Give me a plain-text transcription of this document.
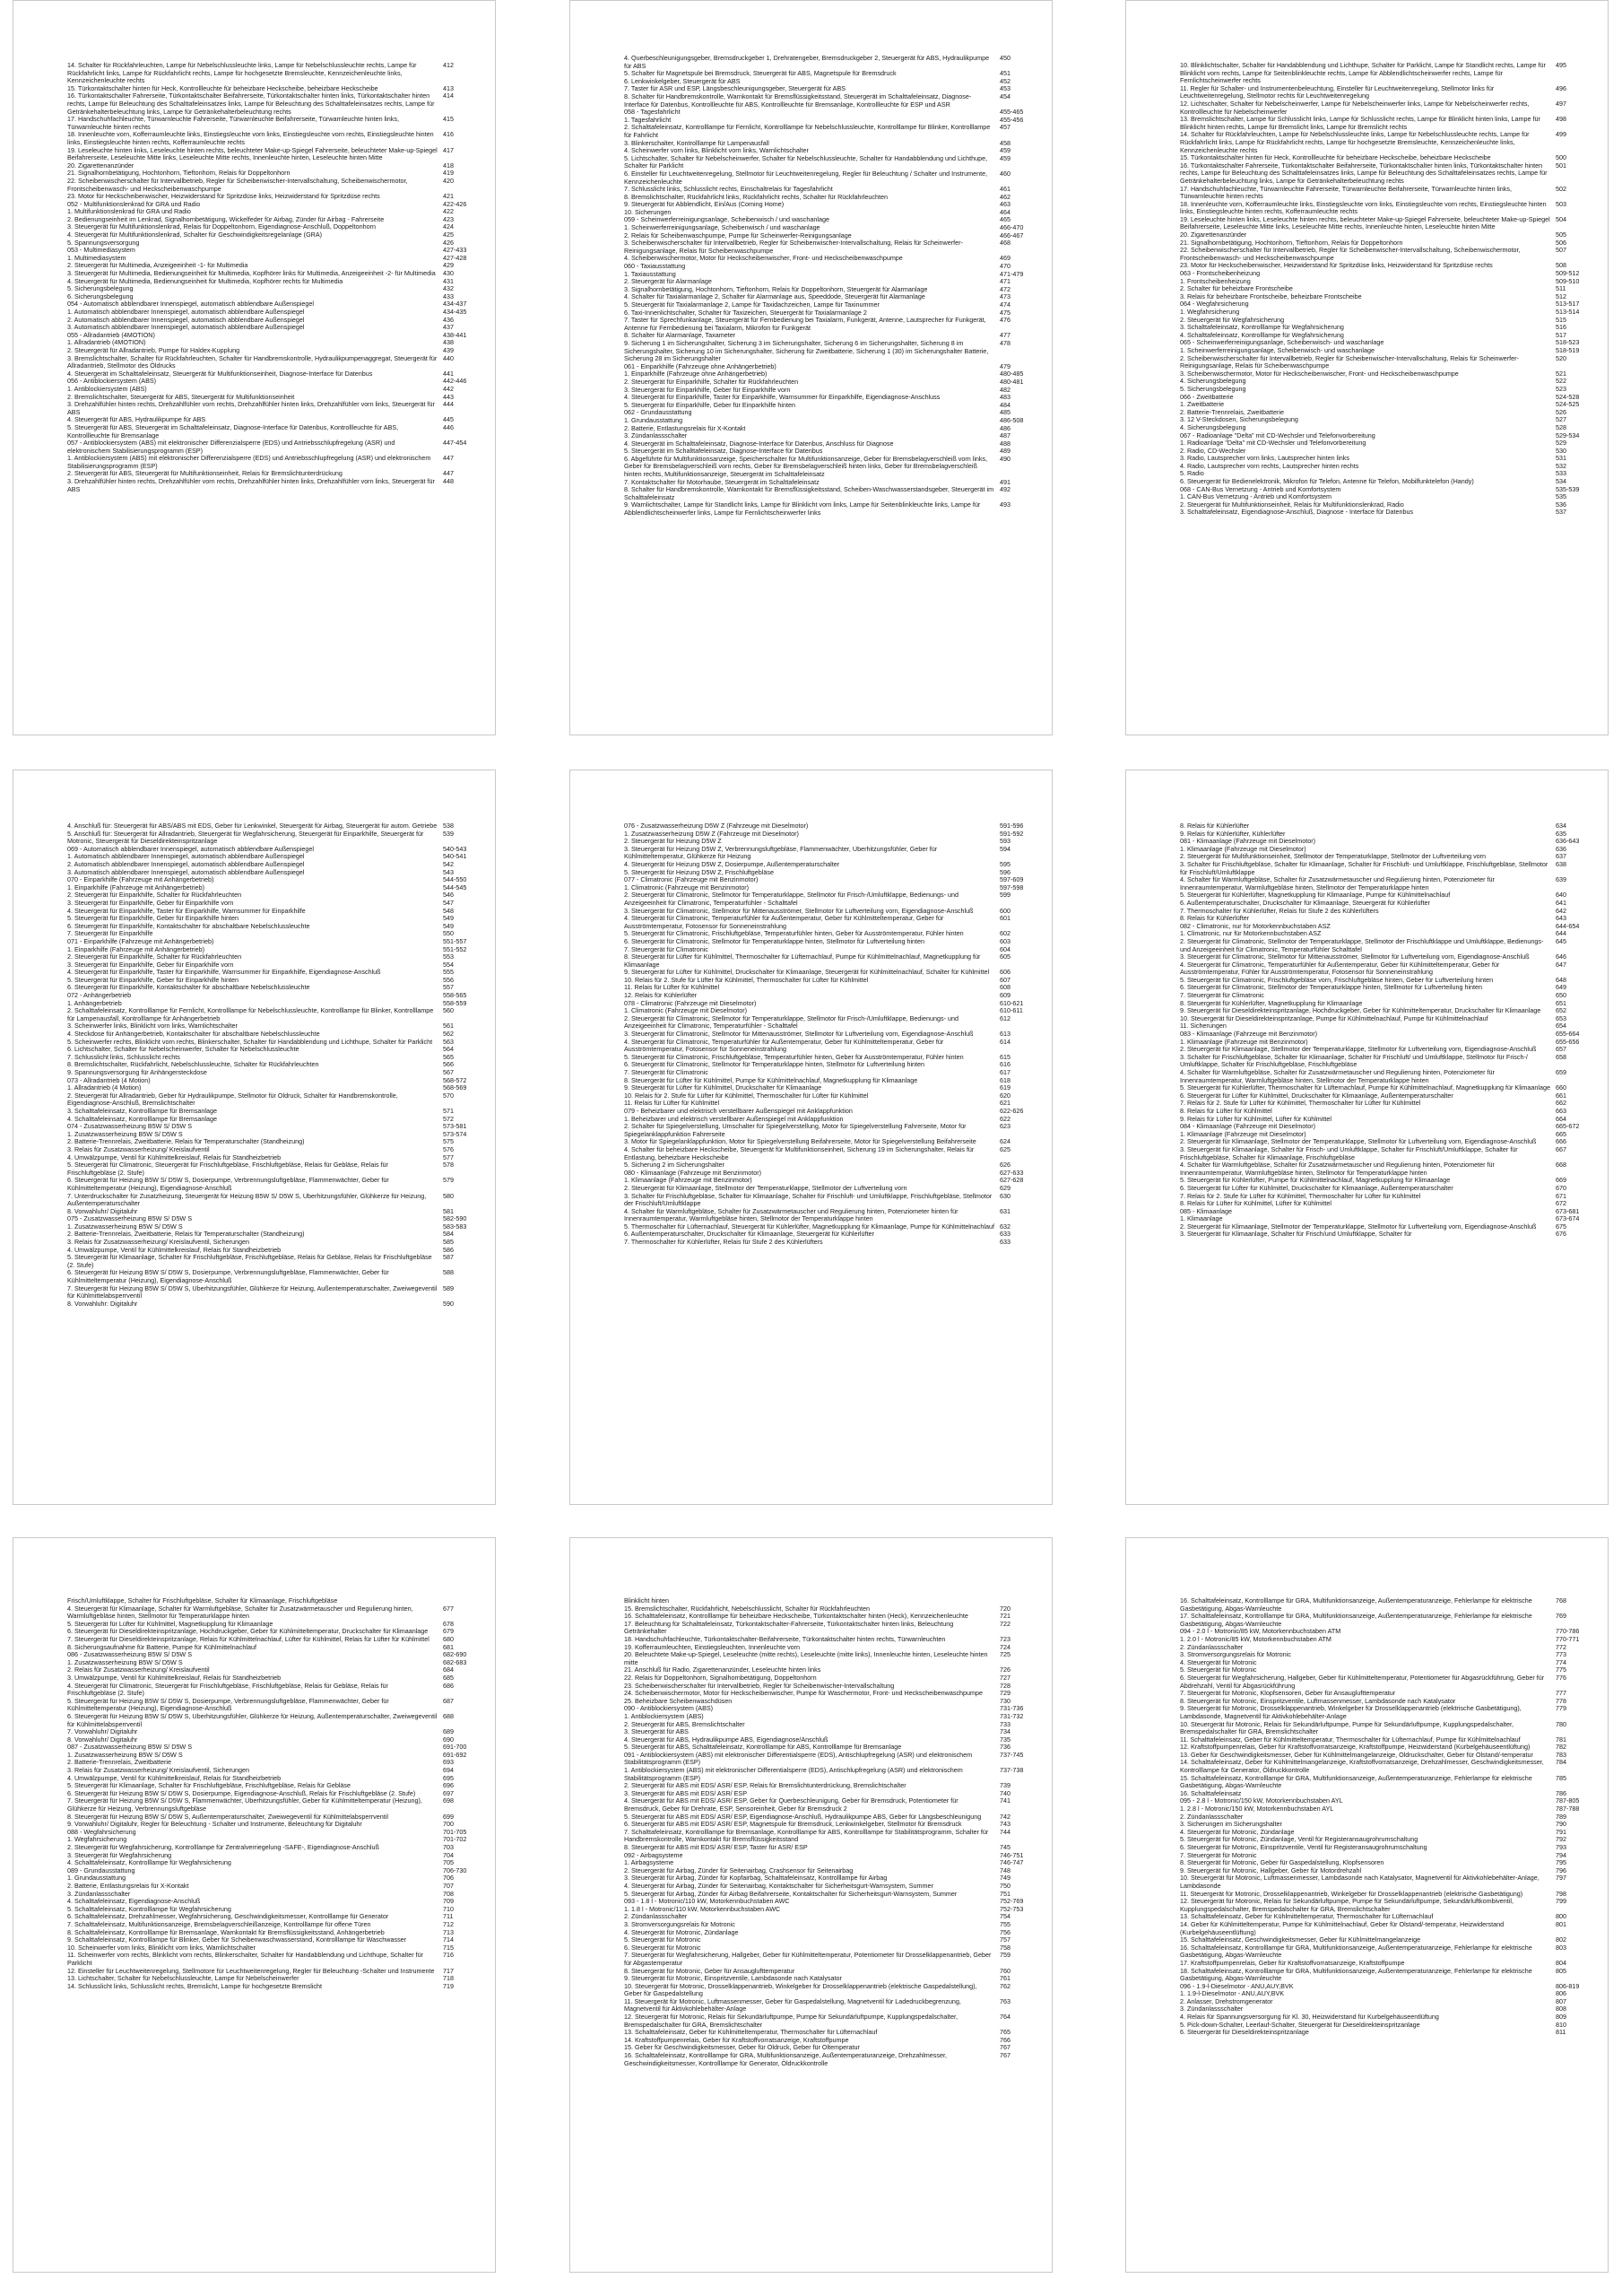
14. Schalter für Rückfahrleuchten, Lampe für Nebelschlussleuchte links, Lampe für Nebelschlussleuchte rechts, Lampe für Rückfahrlicht links, Lampe für Rückfahrlicht rechts, Lampe für hochgesetzte Bremsleuchte, Kennzeichenleuchte links, Kennzeichenleuchte rechts
412
15. Türkontaktschalter hinten für Heck, Kontrollleuchte für beheizbare Heckscheibe, beheizbare Heckscheibe	413
16. Türkontaktschalter Fahrerseite, Türkontaktschalter Beifahrerseite, Türkontaktschalter hinten links, Türkontaktschalter hinten rechts, Lampe für Beleuchtung des Schalttafeleinsatzes links, Lampe für Beleuchtung des Schalttafeleinsatzes rechts, Lampe für Getränkehalterbeleuchtung links, Lampe für Getränkehalterbeleuchtung rechts
414
17. Handschuhfachleuchte, Türwarnleuchte Fahrerseite, Türwarnleuchte Beifahrerseite, Türwarnleuchte hinten links, Türwarnleuchte hinten rechts
415
18. Innenleuchte vorn, Kofferraumleuchte links, Einstiegsleuchte vorn links, Einstiegsleuchte vorn rechts, Einstiegsleuchte hinten links, Einstiegsleuchte hinten rechts, Kofferraumleuchte rechts
416
19. Leseleuchte hinten links, Leseleuchte hinten rechts, beleuchteter Make-up-Spiegel Fahrerseite, beleuchteter Make-up-Spiegel Beifahrerseite, Leseleuchte Mitte links, Leseleuchte Mitte rechts, Innenleuchte hinten, Leseleuchte hinten Mitte
417
20. Zigarettenanzünder	418
21. Signalhornbetätigung, Hochtonhorn, Tieftonhorn, Relais für Doppeltonhorn	419
22. Scheibenwischerschalter für Intervallbetrieb, Regler für Scheibenwischer-Intervallschaltung, Scheibenwischermotor, Frontscheibenwasch- und Heckscheibenwaschpumpe
420
23. Motor für Heckscheibenwischer, Heizwiderstand für Spritzdüse links, Heizwiderstand für Spritzdüse rechts	421
052 - Multifunktionslenkrad für GRA und Radio	422-426
1. Multifunktionslenkrad für GRA und Radio	422
2. Bedienungseinheit im Lenkrad, Signalhornbetätigung, Wickelfeder für Airbag, Zünder für Airbag - Fahrerseite	423
3. Steuergerät für Multifunktionslenkrad, Relais für Doppeltonhorn, Eigendiagnose-Anschluß, Doppeltonhorn	424
4. Steuergerät für Multifunktionslenkrad, Schalter für Geschwindigkeitsregelanlage (GRA)	425
5. Spannungsversorgung	426
053 - Multimediasystem	427-433
1. Multimediasystem	427-428
2. Steuergerät für Multimedia, Anzeigeeinheit -1- für Multimedia	429
3. Steuergerät für Multimedia, Bedienungseinheit für Multimedia, Kopfhörer links für Multimedia, Anzeigeeinheit -2- für Multimedia	430
4. Steuergerät für Multimedia, Bedienungseinheit für Multimedia, Kopfhörer rechts für Multimedia	431
5. Sicherungsbelegung	432
6. Sicherungsbelegung	433
054 - Automatisch abblendbarer Innenspiegel, automatisch abblendbare Außenspiegel	434-437
1. Automatisch abblendbarer Innenspiegel, automatisch abblendbare Außenspiegel	434-435
2. Automatisch abblendbarer Innenspiegel, automatisch abblendbare Außenspiegel	436
3. Automatisch abblendbarer Innenspiegel, automatisch abblendbare Außenspiegel	437
055 - Allradantrieb (4MOTION)	438-441
1. Allradantrieb (4MOTION)	438
2. Steuergerät für Allradantrieb, Pumpe für Haldex-Kupplung	439
3. Bremslichtschalter, Schalter für Rückfahrleuchten, Schalter für Handbremskontrolle, Hydraulikpumpenaggregat, Steuergerät für Allradantrieb, Stellmotor des Öldrucks
440
4. Steuergerät im Schalttafeleinsatz, Steuergerät für Multifunktionseinheit, Diagnose-Interface für Datenbus	441
056 - Antiblockiersystem (ABS)	442-446
1. Antiblockiersystem (ABS)	442
2. Bremslichtschalter, Steuergerät für ABS, Steuergerät für Multifunktionseinheit	443
3. Drehzahlfühler hinten rechts, Drehzahlfühler vorn rechts, Drehzahlfühler hinten links, Drehzahlfühler vorn links, Steuergerät für ABS
444
4. Steuergerät für ABS, Hydraulikpumpe für ABS	445
5. Steuergerät für ABS, Steuergerät im Schalttafeleinsatz, Diagnose-Interface für Datenbus, Kontrollleuchte für ABS, Kontrollleuchte für Bremsanlage
446
057 - Antiblockiersystem (ABS) mit elektronischer Differenzialsperre (EDS) und Antriebsschlupfregelung (ASR) und elektronischem Stabilisierungsprogramm (ESP)
447-454
1. Antiblockiersystem (ABS) mit elektronischer Differenzialsperre (EDS) und Antriebsschlupfregelung (ASR) und elektronischem Stabilisierungsprogramm (ESP)
447
2. Steuergerät für ABS, Steuergerät für Multifunktionseinheit, Relais für Bremslichtunterdrückung	447
3. Drehzahlfühler hinten rechts, Drehzahlfühler vorn rechts, Drehzahlfühler hinten links, Drehzahlfühler vorn links, Steuergerät für ABS
448
4. Querbeschleunigungsgeber, Bremsdruckgeber 1, Drehratengeber, Bremsdruckgeber 2, Steuergerät für ABS, Hydraulikpumpe für ABS
450
5. Schalter für Magnetspule bei Bremsdruck, Steuergerät für ABS, Magnetspule für Bremsdruck	451
6. Lenkwinkelgeber, Steuergerät für ABS	452
7. Taster für ASR und ESP, Längsbeschleunigungsgeber, Steuergerät für ABS	453
8. Schalter für Handbremskontrolle, Warnkontakt für Bremsflüssigkeitsstand, Steuergerät im Schalttafeleinsatz, Diagnose-Interface für Datenbus, Kontrollleuchte für ABS, Kontrollleuchte für Bremsanlage, Kontrollleuchte für ESP und ASR
454
058 - Tagesfahrlicht	455-465
1. Tagesfahrlicht	455-456
2. Schalttafeleinsatz, Kontrolllampe für Fernlicht, Kontrolllampe für Nebelschlussleuchte, Kontrolllampe für Blinker, Kontrolllampe für Fahrlicht
457
3. Blinkerschalter, Kontrolllampe für Lampenausfall	458
4. Scheinwerfer vorn links, Blinklicht vorn links, Warnlichtschalter	459
5. Lichtschalter, Schalter für Nebelscheinwerfer, Schalter für Nebelschlussleuchte, Schalter für Handabblendung und Lichthupe, Schalter für Parklicht
459
6. Einsteller für Leuchtweitenregelung, Stellmotor für Leuchtweitenregelung, Regler für Beleuchtung / Schalter und Instrumente, Kennzeichenleuchte
460
7. Schlusslicht links, Schlusslicht rechts, Einschaltrelais für Tagesfahrlicht	461
8. Bremslichtschalter, Rückfahrlicht links, Rückfahrlicht rechts, Schalter für Rückfahrleuchten	462
9. Steuergerät für Abblendlicht, Ein/Aus (Coming Home)	463
10. Sicherungen	464
059 - Scheinwerferreinigungsanlage, Scheibenwisch / und waschanlage	465
1. Scheinwerferreinigungsanlage, Scheibenwisch / und waschanlage	466-470
2. Relais für Scheibenwaschpumpe, Pumpe für Scheinwerfer-Reinigungsanlage	466-467
3. Scheibenwischerschalter für Intervallbetrieb, Regler für Scheibenwischer-Intervallschaltung, Relais für Scheinwerfer-Reinigungsanlage, Relais für Scheibenwaschpumpe
468
4. Scheibenwischermotor, Motor für Heckscheibenwischer, Front- und Heckscheibenwaschpumpe	469
060 - Taxiausstattung	470
1. Taxiausstattung	471-479
2. Steuergerät für Alarmanlage	471
3. Signalhornbetätigung, Hochtonhorn, Tieftonhorn, Relais für Doppeltonhorn, Steuergerät für Alarmanlage	472
4. Schalter für Taxialarmanlage 2, Schalter für Alarmanlage aus, Speeddode, Steuergerät für Alarmanlage	473
5. Steuergerät für Taxialarmanlage 2, Lampe für Taxidachzeichen, Lampe für Taxinummer	474
6. Taxi-Innenlichtschalter, Schalter für Taxizeichen, Steuergerät für Taxialarmanlage 2	475
7. Taster für Sprechfunkanlage, Steuergerät für Fernbedienung bei Taxialarm, Funkgerät, Antenne, Lautsprecher für Funkgerät, Antenne für Fernbedienung bei Taxialarm, Mikrofon für Funkgerät
476
8. Schalter für Alarmanlage, Taxameter	477
9. Sicherung 1 im Sicherungshalter, Sicherung 3 im Sicherungshalter, Sicherung 6 im Sicherungshalter, Sicherung 8 im Sicherungshalter, Sicherung 10 im Sicherungshalter, Sicherung für Zweitbatterie, Sicherung 1 (30) im Sicherungshalter Batterie, Sicherung 28 im Sicherungshalter
478
061 - Einparkhilfe (Fahrzeuge ohne Anhängerbetrieb)	479
1. Einparkhilfe (Fahrzeuge ohne Anhängerbetrieb)	480-485
2. Steuergerät für Einparkhilfe, Schalter für Rückfahrleuchten	480-481
3. Steuergerät für Einparkhilfe, Geber für Einparkhilfe vorn	482
4. Steuergerät für Einparkhilfe, Taster für Einparkhilfe, Warnsummer für Einparkhilfe, Eigendiagnose-Anschluss	483
5. Steuergerät für Einparkhilfe, Geber für Einparkhilfe hinten	484
062 - Grundausstattung	485
1. Grundausstattung	486-508
2. Batterie, Entlastungsrelais für X-Kontakt	486
3. Zündanlassschalter	487
4. Steuergerät im Schalttafeleinsatz, Diagnose-Interface für Datenbus, Anschluss für Diagnose	488
5. Steuergerät im Schalttafeleinsatz, Diagnose-Interface für Datenbus	489
6. Abgeführte für Multifunktionsanzeige, Speicherschalter für Multifunktionsanzeige, Geber für Bremsbelagverschleiß vorn links, Geber für Bremsbelagverschleiß vorn rechts, Geber für Bremsbelagverschleiß hinten links, Geber für Bremsbelagverschleiß hinten rechts, Multifunktionsanzeige, Steuergerät im Schalttafeleinsatz
490
7. Kontaktschalter für Motorhaube, Steuergerät im Schalttafeleinsatz	491
8. Schalter für Handbremskontrolle, Warnkontakt für Bremsflüssigkeitsstand, Scheiben-Waschwasserstandsgeber, Steuergerät im Schalttafeleinsatz
492
9. Warnlichtschalter, Lampe für Standlicht links, Lampe für Blinklicht vorn links, Lampe für Seitenblinkleuchte links, Lampe für Abblendlichtscheinwerfer links, Lampe für Fernlichtscheinwerfer links
493
10. Blinklichtschalter, Schalter für Handabblendung und Lichthupe, Schalter für Parklicht, Lampe für Standlicht rechts, Lampe für Blinklicht vorn rechts, Lampe für Seitenblinkleuchte rechts, Lampe für Abblendlichtscheinwerfer rechts, Lampe für Fernlichtscheinwerfer rechts
495
11. Regler für Schalter- und Instrumentenbeleuchtung, Einsteller für Leuchtweitenregelung, Stellmotor links für Leuchtweitenregelung, Stellmotor rechts für Leuchtweitenregelung
496
12. Lichtschalter, Schalter für Nebelscheinwerfer, Lampe für Nebelscheinwerfer links, Lampe für Nebelscheinwerfer rechts, Kontrollleuchte für Nebelscheinwerfer
497
13. Bremslichtschalter, Lampe für Schlusslicht links, Lampe für Schlusslicht rechts, Lampe für Blinklicht hinten links, Lampe für Blinklicht hinten rechts, Lampe für Bremslicht links, Lampe für Bremslicht rechts
498
14. Schalter für Rückfahrleuchten, Lampe für Nebelschlussleuchte links, Lampe für Nebelschlussleuchte rechts, Lampe für Rückfahrlicht links, Lampe für Rückfahrlicht rechts, Lampe für hochgesetzte Bremsleuchte, Kennzeichenleuchte links, Kennzeichenleuchte rechts
499
15. Türkontaktschalter hinten für Heck, Kontrollleuchte für beheizbare Heckscheibe, beheizbare Heckscheibe	500
16. Türkontaktschalter Fahrerseite, Türkontaktschalter Beifahrerseite, Türkontaktschalter hinten links, Türkontaktschalter hinten rechts, Lampe für Beleuchtung des Schalttafeleinsatzes links, Lampe für Beleuchtung des Schalttafeleinsatzes rechts, Lampe für Getränkehalterbeleuchtung links, Lampe für Getränkehalterbeleuchtung rechts
501
17. Handschuhfachleuchte, Türwarnleuchte Fahrerseite, Türwarnleuchte Beifahrerseite, Türwarnleuchte hinten links, Türwarnleuchte hinten rechts
502
18. Innenleuchte vorn, Kofferraumleuchte links, Einstiegsleuchte vorn links, Einstiegsleuchte vorn rechts, Einstiegsleuchte hinten links, Einstiegsleuchte hinten rechts, Kofferraumleuchte rechts
503
19. Leseleuchte hinten links, Leseleuchte hinten rechts, beleuchteter Make-up-Spiegel Fahrerseite, beleuchteter Make-up-Spiegel Beifahrerseite, Leseleuchte Mitte links, Leseleuchte Mitte rechts, Innenleuchte hinten, Leseleuchte hinten Mitte
504
20. Zigarettenanzünder	505
21. Signalhornbetätigung, Hochtonhorn, Tieftonhorn, Relais für Doppeltonhorn	506
22. Scheibenwischerschalter für Intervallbetrieb, Regler für Scheibenwischer-Intervallschaltung, Scheibenwischermotor, Frontscheibenwasch- und Heckscheibenwaschpumpe
507
23. Motor für Heckscheibenwischer, Heizwiderstand für Spritzdüse links, Heizwiderstand für Spritzdüse rechts	508
063 - Frontscheibenheizung	509-512
1. Frontscheibenheizung	509-510
2. Schalter für beheizbare Frontscheibe	511
3. Relais für beheizbare Frontscheibe, beheizbare Frontscheibe	512
064 - Wegfahrsicherung	513-517
1. Wegfahrsicherung	513-514
2. Steuergerät für Wegfahrsicherung	515
3. Schalttafeleinsatz, Kontrolllampe für Wegfahrsicherung	516
4. Schalttafeleinsatz, Kontrolllampe für Wegfahrsicherung	517
065 - Scheinwerferreinigungsanlage, Scheibenwisch- und waschanlage	518-523
1. Scheinwerferreinigungsanlage, Scheibenwisch- und waschanlage	518-519
2. Scheibenwischerschalter für Intervallbetrieb, Regler für Scheibenwischer-Intervallschaltung, Relais für Scheinwerfer-Reinigungsanlage, Relais für Scheibenwaschpumpe
520
3. Scheibenwischermotor, Motor für Heckscheibenwischer, Front- und Heckscheibenwaschpumpe	521
4. Sicherungsbelegung	522
5. Sicherungsbelegung	523
066 - Zweitbatterie	524-528
1. Zweitbatterie	524-525
2. Batterie-Trennrelais, Zweitbatterie	526
3. 12 V-Steckdosen, Sicherungsbelegung	527
4. Sicherungsbelegung	528
067 - Radioanlage "Delta" mit CD-Wechsler und Telefonvorbereitung	529-534
1. Radioanlage "Delta" mit CD-Wechsler und Telefonvorbereitung	529
2. Radio, CD-Wechsler	530
3. Radio, Lautsprecher vorn links, Lautsprecher hinten links	531
4. Radio, Lautsprecher vorn rechts, Lautsprecher hinten rechts	532
5. Radio	533
6. Steuergerät für Bedienelektronik, Mikrofon für Telefon, Antenne für Telefon, Mobilfunktelefon (Handy)	534
068 - CAN-Bus Vernetzung - Antrieb und Komfortsystem	535-539
1. CAN-Bus Vernetzung - Antrieb und Komfortsystem	535
2. Steuergerät für Multifunktionseinheit, Relais für Multifunktionslenkrad, Radio	536
3. Schalttafeleinsatz, Eigendiagnose-Anschluß, Diagnose - Interface für Datenbus	537
4. Anschluß für: Steuergerät für ABS/ABS mit EDS, Geber für Lenkwinkel, Steuergerät für Airbag, Steuergerät für autom. Getriebe 538
5. Anschluß für: Steuergerät für Allradantrieb, Steuergerät für Wegfahrsicherung, Steuergerät für Einparkhilfe, Steuergerät für Motronic, Steuergerät für Dieseldirekteinspritzanlage
539
069 - Automatisch abblendbarer Innenspiegel, automatisch abblendbare Außenspiegel	540-543
1. Automatisch abblendbarer Innenspiegel, automatisch abblendbare Außenspiegel	540-541
2. Automatisch abblendbarer Innenspiegel, automatisch abblendbare Außenspiegel	542
3. Automatisch abblendbarer Innenspiegel, automatisch abblendbare Außenspiegel	543
070 - Einparkhilfe (Fahrzeuge mit Anhängerbetrieb)	544-550
1. Einparkhilfe (Fahrzeuge mit Anhängerbetrieb)	544-545
2. Steuergerät für Einparkhilfe, Schalter für Rückfahrleuchten	546
3. Steuergerät für Einparkhilfe, Geber für Einparkhilfe vorn	547
4. Steuergerät für Einparkhilfe, Taster für Einparkhilfe, Warnsummer für Einparkhilfe	548
5. Steuergerät für Einparkhilfe, Geber für Einparkhilfe hinten	549
6. Steuergerät für Einparkhilfe, Kontaktschalter für abschaltbare Nebelschlussleuchte	549
7. Steuergerät für Einparkhilfe	550
071 - Einparkhilfe (Fahrzeuge mit Anhängerbetrieb)	551-557
1. Einparkhilfe (Fahrzeuge mit Anhängerbetrieb)	551-552
2. Steuergerät für Einparkhilfe, Schalter für Rückfahrleuchten	553
3. Steuergerät für Einparkhilfe, Geber für Einparkhilfe vorn	554
4. Steuergerät für Einparkhilfe, Taster für Einparkhilfe, Warnsummer für Einparkhilfe, Eigendiagnose-Anschluß	555
5. Steuergerät für Einparkhilfe, Geber für Einparkhilfe hinten	556
6. Steuergerät für Einparkhilfe, Kontaktschalter für abschaltbare Nebelschlussleuchte	557
072 - Anhängerbetrieb	558-565
1. Anhängerbetrieb	558-559
2. Schalttafeleinsatz, Kontrolllampe für Fernlicht, Kontrolllampe für Nebelschlussleuchte, Kontrolllampe für Blinker, Kontrolllampe für Lampenausfall, Kontrolllampe für Anhängerbetrieb
560
3. Scheinwerfer links, Blinklicht vorn links, Warnlichtschalter	561
4. Steckdose für Anhängerbetrieb, Kontaktschalter für abschaltbare Nebelschlussleuchte	562
5. Scheinwerfer rechts, Blinklicht vorn rechts, Blinkerschalter, Schalter für Handabblendung und Lichthupe, Schalter für Parklicht	563
6. Lichtschalter, Schalter für Nebelscheinwerfer, Schalter für Nebelschlussleuchte	564
7. Schlusslicht links, Schlusslicht rechts	565
8. Bremslichtschalter, Rückfahrlicht, Nebelschlussleuchte, Schalter für Rückfahrleuchten	566
9. Spannungsversorgung für Anhängersteckdose	567
073 - Allradantrieb (4 Motion)	568-572
1. Allradantrieb (4 Motion)	568-569
2. Steuergerät für Allradantrieb, Geber für Hydraulikpumpe, Stellmotor für Öldruck, Schalter für Handbremskontrolle, Eigendiagnose-Anschluß, Bremslichtschalter
570
3. Schalttafeleinsatz, Kontrolllampe für Bremsanlage	571
4. Schalttafeleinsatz, Kontrolllampe für Bremsanlage	572
074 - Zusatzwasserheizung B5W S/ D5W S	573-581
1. Zusatzwasserheizung B5W S/ D5W S	573-574
2. Batterie-Trennrelais, Zweitbatterie, Relais für Temperaturschalter (Standheizung)	575
3. Relais für Zusatzwasserheizung/ Kreislaufventil	576
4. Umwälzpumpe, Ventil für Kühlmittelkreislauf, Relais für Standheizbetrieb	577
5. Steuergerät für Climatronic, Steuergerät für Frischluftgebläse, Frischluftgebläse, Relais für Gebläse, Relais für Frischluftgebläse (2. Stufe)
578
6. Steuergerät für Heizung B5W S/ D5W S, Dosierpumpe, Verbrennungsluftgebläse, Flammenwächter, Geber für Kühlmitteltemperatur (Heizung), Eigendiagnose-Anschluß
579
7. Unterdruckschalter für Zusatzheizung, Steuergerät für Heizung B5W S/ D5W S, Überhitzungsfühler, Glühkerze für Heizung, Außentemperaturschalter
580
8. Vorwahluhr/ Digitaluhr	581
075 - Zusatzwasserheizung B5W S/ D5W S	582-590
1. Zusatzwasserheizung B5W S/ D5W S	583-583
2. Batterie-Trennrelais, Zweitbatterie, Relais für Temperaturschalter (Standheizung)	584
3. Relais für Zusatzwasserheizung/ Kreislaufventil, Sicherungen	585
4. Umwälzpumpe, Ventil für Kühlmittelkreislauf, Relais für Standheizbetrieb	586
5. Steuergerät für Klimaanlage, Schalter für Frischluftgebläse, Frischluftgebläse, Relais für Gebläse, Relais für Frischluftgebläse (2. Stufe)
587
6. Steuergerät für Heizung B5W S/ D5W S, Dosierpumpe, Verbrennungsluftgebläse, Flammenwächter, Geber für Kühlmitteltemperatur (Heizung), Eigendiagnose-Anschluß
588
7. Steuergerät für Heizung B5W S/ D5W S, Überhitzungsfühler, Glühkerze für Heizung, Außentemperaturschalter, Zweiwegeventil für Kühlmittelabsperrventil
589
8. Vorwahluhr: Digitaluhr	590
076 - Zusatzwasserheizung D5W Z (Fahrzeuge mit Dieselmotor)	591-596
1. Zusatzwasserheizung D5W Z (Fahrzeuge mit Dieselmotor)	591-592
2. Steuergerät für Heizung D5W Z	593
3. Steuergerät für Heizung D5W Z, Verbrennungsluftgebläse, Flammenwächter, Überhitzungsfühler, Geber für Kühlmitteltemperatur, Glühkerze für Heizung
594
4. Steuergerät für Heizung D5W Z, Dosierpumpe, Außentemperaturschalter	595
5. Steuergerät für Heizung D5W Z, Frischluftgebläse	596
077 - Climatronic (Fahrzeuge mit Benzinmotor)	597-609
1. Climatronic (Fahrzeuge mit Benzinmotor)	597-598
2. Steuergerät für Climatronic, Stellmotor für Temperaturklappe, Stellmotor für Frisch-/Umluftklappe, Bedienungs- und Anzeigeeinheit für Climatronic, Temperaturfühler - Schalttafel
599
3. Steuergerät für Climatronic, Stellmotor für Mittenausströmer, Stellmotor für Luftverteilung vorn, Eigendiagnose-Anschluß	600
4. Steuergerät für Climatronic, Temperaturfühler für Außentemperatur, Geber für Kühlmitteltemperatur, Geber für Ausströmtemperatur, Fotosensor für Sonneneinstrahlung
601
5. Steuergerät für Climatronic, Frischluftgebläse, Temperaturfühler hinten, Geber für Ausströmtemperatur, Fühler hinten	602
6. Steuergerät für Climatronic, Stellmotor für Temperaturklappe hinten, Stellmotor für Luftverteilung hinten	603
7. Steuergerät für Climatronic	604
8. Steuergerät für Lüfter für Kühlmittel, Thermoschalter für Lüfternachlauf, Pumpe für Kühlmittelnachlauf, Magnetkupplung für Klimaanlage
605
9. Steuergerät für Lüfter für Kühlmittel, Druckschalter für Klimaanlage, Steuergerät für Kühlmittelnachlauf, Schalter für Kühlmittel	606
10. Relais für 2. Stufe für Lüfter für Kühlmittel, Thermoschalter für Lüfter für Kühlmittel	607
11. Relais für Lüfter für Kühlmittel	608
12. Relais für Kühlerlüfter	609
078 - Climatronic (Fahrzeuge mit Dieselmotor)	610-621
1. Climatronic (Fahrzeuge mit Dieselmotor)	610-611
2. Steuergerät für Climatronic, Stellmotor für Temperaturklappe, Stellmotor für Frisch-/Umluftklappe, Bedienungs- und Anzeigeeinheit für Climatronic, Temperaturfühler - Schalttafel
612
3. Steuergerät für Climatronic, Stellmotor für Mittenausströmer, Stellmotor für Luftverteilung vorn, Eigendiagnose-Anschluß	613
4. Steuergerät für Climatronic, Temperaturfühler für Außentemperatur, Geber für Kühlmitteltemperatur, Geber für Ausströmtemperatur, Fotosensor für Sonneneinstrahlung
614
5. Steuergerät für Climatronic, Frischluftgebläse, Temperaturfühler hinten, Geber für Ausströmtemperatur, Fühler hinten	615
6. Steuergerät für Climatronic, Stellmotor für Temperaturklappe hinten, Stellmotor für Luftverteilung hinten	616
7. Steuergerät für Climatronic	617
8. Steuergerät für Lüfter für Kühlmittel, Pumpe für Kühlmittelnachlauf, Magnetkupplung für Klimaanlage	618
9. Steuergerät für Lüfter für Kühlmittel, Druckschalter für Klimaanlage	619
10. Relais für 2. Stufe für Lüfter für Kühlmittel, Thermoschalter für Lüfter für Kühlmittel	620
11. Relais für Lüfter für Kühlmittel	621
079 - Beheizbarer und elektrisch verstellbarer Außenspiegel mit Anklappfunktion	622-626
1. Beheizbarer und elektrisch verstellbarer Außenspiegel mit Anklappfunktion	622
2. Schalter für Spiegelverstellung, Umschalter für Spiegelverstellung, Motor für Spiegelverstellung Fahrerseite, Motor für Spiegelanklappfunktion Fahrerseite
623
3. Motor für Spiegelanklappfunktion, Motor für Spiegelverstellung Beifahrerseite, Motor für Spiegelverstellung Beifahrerseite	624
4. Schalter für beheizbare Heckscheibe, Steuergerät für Multifunktionseinheit, Sicherung 19 im Sicherungshalter, Relais für Entlastung, beheizbare Heckscheibe
625
5. Sicherung 2 im Sicherungshalter	626
080 - Klimaanlage (Fahrzeuge mit Benzinmotor)	627-633
1. Klimaanlage (Fahrzeuge mit Benzinmotor)	627-628
2. Steuergerät für Klimaanlage, Stellmotor der Temperaturklappe, Stellmotor der Luftverteilung vorn	629
3. Schalter für Frischluftgebläse, Schalter für Klimaanlage, Schalter für Frischluft- und Umluftklappe, Frischluftgebläse, Stellmotor der Frischluft/Umluftklappe
630
4. Schalter für Warmluftgebläse, Schalter für Zusatzwärmetauscher und Regulierung hinten, Potenziometer hinten für Innenraumtemperatur, Warmluftgebläse hinten, Stellmotor der Temperaturklappe hinten
631
5. Thermoschalter für Lüfternachlauf, Steuergerät für Kühlerlüfter, Magnetkupplung für Klimaanlage, Pumpe für Kühlmittelnachlauf 632
6. Außentemperaturschalter, Druckschalter für Klimaanlage, Steuergerät für Kühlerlüfter	633
7. Thermoschalter für Kühlerlüfter, Relais für Stufe 2 des Kühlerlüfters	633
8. Relais für Kühlerlüfter	634
9. Relais für Kühlerlüfter, Kühlerlüfter	635
081 - Klimaanlage (Fahrzeuge mit Dieselmotor)	636-643
1. Klimaanlage (Fahrzeuge mit Dieselmotor)	636
2. Steuergerät für Multifunktionseinheit, Stellmotor der Temperaturklappe, Stellmotor der Luftverteilung vorn	637
3. Schalter für Frischluftgebläse, Schalter für Klimaanlage, Schalter für Frischluft- und Umluftklappe, Frischluftgebläse, Stellmotor für Frischluft/Umluftklappe
638
4. Schalter für Warmluftgebläse, Schalter für Zusatzwärmetauscher und Regulierung hinten, Potenziometer für Innenraumtemperatur, Warmluftgebläse hinten, Stellmotor der Temperaturklappe hinten
639
5. Steuergerät für Kühlerlüfter, Magnetkupplung für Klimaanlage, Pumpe für Kühlmittelnachlauf	640
6. Außentemperaturschalter, Druckschalter für Klimaanlage, Steuergerät für Kühlerlüfter	641
7. Thermoschalter für Kühlerlüfter, Relais für Stufe 2 des Kühlerlüfters	642
8. Relais für Kühlerlüfter	643
082 - Climatronic, nur für Motorkennbuchstaben ASZ	644-654
1. Climatronic, nur für Motorkennbuchstaben ASZ	644
2. Steuergerät für Climatronic, Stellmotor der Temperaturklappe, Stellmotor der Frischluftklappe und Umluftklappe, Bedienungs- und Anzeigeeinheit für Climatronic, Temperaturfühler Schalttafel
645
3. Steuergerät für Climatronic, Stellmotor für Mittenausströmer, Stellmotor für Luftverteilung vorn, Eigendiagnose-Anschluß	646
4. Steuergerät für Climatronic, Temperaturfühler für Außentemperatur, Geber für Kühlmitteltemperatur, Geber für Ausströmtemperatur, Fühler für Ausströmtemperatur, Fotosensor für Sonneneinstrahlung
647
5. Steuergerät für Climatronic, Frischluftgebläse vorn, Frischluftgebläse hinten, Geber für Luftverteilung hinten	648
6. Steuergerät für Climatronic, Stellmotor der Temperaturklappe hinten, Stellmotor für Luftverteilung hinten	649
7. Steuergerät für Climatronic	650
8. Steuergerät für Kühlerlüfter, Magnetkupplung für Klimaanlage	651
9. Steuergerät für Dieseldirekteinspritzanlage, Hochdruckgeber, Geber für Kühlmitteltemperatur, Druckschalter für Klimaanlage	652
10. Steuergerät für Dieseldirekteinspritzanlage, Pumpe für Kühlmittelnachlauf, Pumpe für Kühlmittelnachlauf	653
11. Sicherungen	654
083 - Klimaanlage (Fahrzeuge mit Benzinmotor)	655-664
1. Klimaanlage (Fahrzeuge mit Benzinmotor)	655-656
2. Steuergerät für Klimaanlage, Stellmotor der Temperaturklappe, Stellmotor für Luftverteilung vorn, Eigendiagnose-Anschluß	657
3. Schalter für Frischluftgebläse, Schalter für Klimaanlage, Schalter für Frischluft/ und Umluftklappe, Stellmotor für Frisch-/ Umluftklappe, Schalter für Frischluftgebläse, Frischluftgebläse
658
4. Schalter für Warmluftgebläse, Schalter für Zusatzwärmetauscher und Regulierung hinten, Potenziometer für Innenraumtemperatur, Warmluftgebläse hinten, Stellmotor der Temperaturklappe hinten
659
5. Steuergerät für Kühlerlüfter, Thermoschalter für Lüfternachlauf, Pumpe für Kühlmittelnachlauf, Magnetkupplung für Klimaanlage 660
6. Steuergerät für Lüfter für Kühlmittel, Druckschalter für Klimaanlage, Außentemperaturschalter	661
7. Relais für 2. Stufe für Lüfter für Kühlmittel, Thermoschalter für Lüfter für Kühlmittel	662
8. Relais für Lüfter für Kühlmittel	663
9. Relais für Lüfter für Kühlmittel, Lüfter für Kühlmittel	664
084 - Klimaanlage (Fahrzeuge mit Dieselmotor)	665-672
1. Klimaanlage (Fahrzeuge mit Dieselmotor)	665
2. Steuergerät für Klimaanlage, Stellmotor der Temperaturklappe, Stellmotor für Luftverteilung vorn, Eigendiagnose-Anschluß	666
3. Steuergerät für Klimaanlage, Schalter für Frisch- und Umluftklappe, Schalter für Frischluft/Umluftklappe, Schalter für Frischluftgebläse, Schalter für Klimaanlage, Frischluftgebläse
667
4. Schalter für Warmluftgebläse, Schalter für Zusatzwärmetauscher und Regulierung hinten, Potenziometer für Innenraumtemperatur, Warmluftgebläse hinten, Stellmotor für Temperaturklappe hinten
668
5. Steuergerät für Kühlerlüfter, Pumpe für Kühlmittelnachlauf, Magnetkupplung für Klimaanlage	669
6. Steuergerät für Lüfter für Kühlmittel, Druckschalter für Klimaanlage, Außentemperaturschalter	670
7. Relais für 2. Stufe für Lüfter für Kühlmittel, Thermoschalter für Lüfter für Kühlmittel	671
8. Relais für Lüfter für Kühlmittel, Lüfter für Kühlmittel	672
085 - Klimaanlage	673-681
1. Klimaanlage	673-674
2. Steuergerät für Klimaanlage, Stellmotor der Temperaturklappe, Stellmotor für Luftverteilung vorn, Eigendiagnose-Anschluß	675
3. Steuergerät für Klimaanlage, Schalter für Frisch/und Umluftklappe, Schalter für	676
Frisch/Umluftklappe, Schalter für Frischluftgebläse, Schalter für Klimaanlage, Frischluftgebläse
4. Steuergerät für Klimaanlage, Schalter für Warmluftgebläse, Schalter für Zusatzwärmetauscher und Regulierung hinten, Warmluftgebläse hinten, Stellmotor für Temperaturklappe hinten
677
5. Steuergerät für Lüfter für Kühlmittel, Magnetkupplung für Klimaanlage	678
6. Steuergerät für Dieseldirekteinspritzanlage, Hochdruckgeber, Geber für Kühlmitteltemperatur, Druckschalter für Klimaanlage	679
7. Steuergerät für Dieseldirekteinspritzanlage, Relais für Kühlmittelnachlauf, Lüfter für Kühlmittel, Relais für Lüfter für Kühlmittel	680
8. Sicherungsaufnahme für Batterie, Pumpe für Kühlmittelnachlauf	681
086 - Zusatzwasserheizung B5W S/ D5W S	682-690
1. Zusatzwasserheizung B5W S/ D5W S	682-683
2. Relais für Zusatzwasserheizung/ Kreislaufventil	684
3. Umwälzpumpe, Ventil für Kühlmittelkreislauf, Relais für Standheizbetrieb	685
4. Steuergerät für Climatronic, Steuergerät für Frischluftgebläse, Frischluftgebläse, Relais für Gebläse, Relais für Frischluftgebläse (2. Stufe)
686
5. Steuergerät für Heizung B5W S/ D5W S, Dosierpumpe, Verbrennungsluftgebläse, Flammenwächter, Geber für Kühlmitteltemperatur (Heizung), Eigendiagnose-Anschluß
687
6. Steuergerät für Heizung B5W S/ D5W S, Überhitzungsfühler, Glühkerze für Heizung, Außentemperaturschalter, Zweiwegeventil für Kühlmittelabsperrventil
688
7. Vorwahluhr/ Digitaluhr	689
8. Vorwahluhr/ Digitaluhr	690
087 - Zusatzwasserheizung B5W S/ D5W S	691-700
1. Zusatzwasserheizung B5W S/ D5W S	691-692
2. Batterie-Trennrelais, Zweitbatterie	693
3. Relais für Zusatzwasserheizung/ Kreislaufventil, Sicherungen	694
4. Umwälzpumpe, Ventil für Kühlmittelkreislauf, Relais für Standheizbetrieb	695
5. Steuergerät für Klimaanlage, Schalter für Frischluftgebläse, Frischluftgebläse, Relais für Gebläse	696
6. Steuergerät für Heizung B5W S/ D5W S, Dosierpumpe, Eigendiagnose-Anschluß, Relais für Frischluftgebläse (2. Stufe)	697
7. Steuergerät für Heizung B5W S/ D5W S, Flammenwächter, Überhitzungsfühler, Geber für Kühlmitteltemperatur (Heizung), Glühkerze für Heizung, Verbrennungsluftgebläse
698
8. Steuergerät für Heizung B5W S/ D5W S, Außentemperaturschalter, Zweiwegeventil für Kühlmittelabsperrventil	699
9. Vorwahluhr/ Digitaluhr, Regler für Beleuchtung - Schalter und Instrumente, Beleuchtung für Digitaluhr	700
088 - Wegfahrsicherung	701-705
1. Wegfahrsicherung	701-702
2. Steuergerät für Wegfahrsicherung, Kontrolllampe für Zentralverriegelung -SAFE-, Eigendiagnose-Anschluß	703
3. Steuergerät für Wegfahrsicherung	704
4. Schalttafeleinsatz, Kontrolllampe für Wegfahrsicherung	705
089 - Grundausstattung	706-730
1. Grundausstattung	706
2. Batterie, Entlastungsrelais für X-Kontakt	707
3. Zündanlassschalter	708
4. Schalttafeleinsatz, Eigendiagnose-Anschluß	709
5. Schalttafeleinsatz, Kontrolllampe für Wegfahrsicherung	710
6. Schalttafeleinsatz, Drehzahlmesser, Wegfahrsicherung, Geschwindigkeitsmesser, Kontrolllampe für Generator	711
7. Schalttafeleinsatz, Multifunktionsanzeige, Bremsbelagverschleißanzeige, Kontrolllampe für offene Türen	712
8. Schalttafeleinsatz, Kontrolllampe für Bremsanlage, Warnkontakt für Bremsflüssigkeitsstand, Anhängerbetrieb	713
9. Schalttafeleinsatz, Kontrolllampe für Blinker, Geber für Scheibenwaschwasserstand, Kontrolllampe für Waschwasser	714
10. Scheinwerfer vorn links, Blinklicht vorn links, Warnlichtschalter	715
11. Scheinwerfer vorn rechts, Blinklicht vorn rechts, Blinkerschalter, Schalter für Handabblendung und Lichthupe, Schalter für Parklicht
716
12. Einsteller für Leuchtweitenregelung, Stellmotore für Leuchtweitenregelung, Regler für Beleuchtung -Schalter und Instrumente	717
13. Lichtschalter, Schalter für Nebelschlussleuchte, Lampe für Nebelscheinwerfer	718
14. Schlusslicht links, Schlusslicht rechts, Bremslicht, Lampe für hochgesetzte Bremslicht	719
Blinklicht hinten
15. Bremslichtschalter, Rückfahrlicht, Nebelschlusslicht, Schalter für Rückfahrleuchten	720
16. Schalttafeleinsatz, Kontrolllampe für beheizbare Heckscheibe, Türkontaktschalter hinten (Heck), Kennzeichenleuchte	721
17. Beleuchtung für Schalttafeleinsatz, Türkontaktschalter-Fahrerseite, Türkontaktschalter hinten links, Beleuchtung Getränkehalter
722
18. Handschuhfachleuchte, Türkontaktschalter-Beifahrerseite, Türkontaktschalter hinten rechts, Türwarnleuchten	723
19. Kofferraumleuchten, Einstiegsleuchten, Innenleuchte vorn	724
20. Beleuchtete Make-up-Spiegel, Leseleuchte (mitte rechts), Leseleuchte (mitte links), Innenleuchte hinten, Leseleuchte hinten mitte
725
21. Anschluß für Radio, Zigarettenanzünder, Leseleuchte hinten links	726
22. Relais für Doppeltonhorn, Signalhornbetätigung, Doppeltonhorn	727
23. Scheibenwischerschalter für Intervallbetrieb, Regler für Scheibenwischer-Intervallschaltung	728
24. Scheibenwischermotor, Motor für Heckscheibenwischer, Pumpe für Waschermotor, Front- und Heckscheibenwaschpumpe	729
25. Beheizbare Scheibenwaschdüsen	730
090 - Antiblockiersystem (ABS)	731-736
1. Antiblockiersystem (ABS)	731-732
2. Steuergerät für ABS, Bremslichtschalter	733
3. Steuergerät für ABS	734
4. Steuergerät für ABS, Hydraulikpumpe ABS, Eigendiagnose/Anschluß	735
5. Steuergerät für ABS, Schalttafeleinsatz, Kontrolllampe für ABS, Kontrolllampe für Bremsanlage	736
091 - Antiblockiersystem (ABS) mit elektronischer Differentialsperre (EDS), Antischlupfregelung (ASR) und elektronischem Stabilitätsprogramm (ESP)
737-745
1. Antiblockiersystem (ABS) mit elektronischer Differentialsperre (EDS), Antischlupfregelung (ASR) und elektronischem Stabilitätsprogramm (ESP)
737-738
2. Steuergerät für ABS mit EDS/ ASR/ ESP, Relais für Bremslichtunterdrückung, Bremslichtschalter	739
3. Steuergerät für ABS mit EDS/ ASR/ ESP	740
4. Steuergerät für ABS mit EDS/ ASR/ ESP, Geber für Querbeschleunigung, Geber für Bremsdruck, Potentiometer für Bremsdruck, Geber für Drehrate, ESP, Sensoreinheit, Geber für Bremsdruck 2
741
5. Steuergerät für ABS mit EDS/ ASR/ ESP, Eigendiagnose-Anschluß, Hydraulikpumpe ABS, Geber für Längsbeschleunigung	742
6. Steuergerät für ABS mit EDS/ ASR/ ESP, Magnetspule für Bremsdruck, Lenkwinkelgeber, Stellmotor für Bremsdruck	743
7. Schalttafeleinsatz, Kontrolllampe für Bremsanlage, Kontrolllampe für ABS, Kontrolllampe für Stabilitätsprogramm, Schalter für Handbremskontrolle, Warnkontakt für Bremsflüssigkeitsstand
744
8. Steuergerät für ABS mit EDS/ ASR/ ESP, Taster für ASR/ ESP	745
092 - Airbagsysteme	746-751
1. Airbagsysteme	746-747
2. Steuergerät für Airbag, Zünder für Seitenairbag, Crashsensor für Seitenairbag	748
3. Steuergerät für Airbag, Zünder für Kopfairbag, Schalttafeleinsatz, Kontrolllampe für Airbag	749
4. Steuergerät für Airbag, Zünder für Seitenairbag, Kontaktschalter für Sicherheitsgurt-Warnsystem, Summer	750
5. Steuergerät für Airbag, Zünder für Airbag Beifahrerseite, Kontaktschalter für Sicherheitsgurt-Warnsystem, Summer	751
093 - 1.8 l - Motronic/110 kW, Motorkennbuchstaben AWC	752-769
1. 1.8 l - Motronic/110 kW, Motorkennbuchstaben AWC	752-753
2. Zündanlassschalter	754
3. Stromversorgungsrelais für Motronic	755
4. Steuergerät für Motronic, Zündanlage	756
5. Steuergerät für Motronic	757
6. Steuergerät für Motronic	758
7. Steuergerät für Wegfahrsicherung, Hallgeber, Geber für Kühlmitteltemperatur, Potentiometer für Drosselklappenantrieb, Geber für Abgastemperatur
759
8. Steuergerät für Motronic, Geber für Ansauglufttemperatur	760
9. Steuergerät für Motronic, Einspritzventile, Lambdasonde nach Katalysator	761
10. Steuergerät für Motronic, Drosselklappenantrieb, Winkelgeber für Drosselklappenantrieb (elektrische Gaspedalstellung), Geber für Gaspedalstellung
762
11. Steuergerät für Motronic, Luftmassenmesser, Geber für Gaspedalstellung, Magnetventil für Ladedruckbegrenzung, Magnetventil für Aktivkohlebehälter-Anlage
763
12. Steuergerät für Motronic, Relais für Sekundärluftpumpe, Pumpe für Sekundärluftpumpe, Kupplungspedalschalter, Bremspedalschalter für GRA, Bremslichtschalter
764
13. Schalttafeleinsatz, Geber für Kühlmitteltemperatur, Thermoschalter für Lüfternachlauf	765
14. Kraftstoffpumpenrelais, Geber für Kraftstoffvorratsanzeige, Kraftstoffpumpe	766
15. Geber für Geschwindigkeitsmesser, Geber für Öldruck, Geber für Öltemperatur	767
16. Schalttafeleinsatz, Kontrolllampe für GRA, Multifunktionsanzeige, Außentemperaturanzeige, Drehzahlmesser, Geschwindigkeitsmesser, Kontrolllampe für Generator, Öldruckkontrolle
767
16. Schalttafeleinsatz, Kontrolllampe für GRA, Multifunktionsanzeige, Außentemperaturanzeige, Fehlerlampe für elektrische Gasbetätigung, Abgas-Warnleuchte
768
17. Schalttafeleinsatz, Kontrolllampe für GRA, Multifunktionsanzeige, Außentemperaturanzeige, Fehlerlampe für elektrische Gasbetätigung, Abgas-Warnleuchte
769
094 - 2.0 l - Motronic/85 kW, Motorkennbuchstaben ATM	770-786
1. 2.0 l - Motronic/85 kW, Motorkennbuchstaben ATM	770-771
2. Zündanlassschalter	772
3. Stromversorgungsrelais für Motronic	773
4. Steuergerät für Motronic	774
5. Steuergerät für Motronic	775
6. Steuergerät für Wegfahrsicherung, Hallgeber, Geber für Kühlmitteltemperatur, Potentiometer für Abgasrückführung, Geber für Abdrehzahl, Ventil für Abgasrückführung
776
7. Steuergerät für Motronic, Klopfsensoren, Geber für Ansauglufttemperatur	777
8. Steuergerät für Motronic, Einspritzventile, Luftmassenmesser, Lambdasonde nach Katalysator	778
9. Steuergerät für Motronic, Drosselklappenantrieb, Winkelgeber für Drosselklappenantrieb (elektrische Gasbetätigung), Lambdasonde, Magnetventil für Aktivkohlebehälter-Anlage
779
10. Steuergerät für Motronic, Relais für Sekundärluftpumpe, Pumpe für Sekundärluftpumpe, Kupplungspedalschalter, Bremspedalschalter für GRA, Bremslichtschalter
780
11. Schalttafeleinsatz, Geber für Kühlmitteltemperatur, Thermoschalter für Lüfternachlauf, Pumpe für Kühlmittelnachlauf	781
12. Kraftstoffpumpenrelais, Geber für Kraftstoffvorratsanzeige, Kraftstoffpumpe, Heizwiderstand (Kurbelgehäuseentlüftung)	782
13. Geber für Geschwindigkeitsmesser, Geber für Kühlmittelmangelanzeige, Öldruckschalter, Geber für Ölstand/-temperatur	783
14. Schalttafeleinsatz, Geber für Kühlmittelmangelanzeige, Kraftstoffvorratsanzeige, Drehzahlmesser, Geschwindigkeitsmesser, Kontrolllampe für Generator, Öldruckkontrolle
784
15. Schalttafeleinsatz, Kontrolllampe für GRA, Multifunktionsanzeige, Außentemperaturanzeige, Fehlerlampe für elektrische Gasbetätigung, Abgas-Warnleuchte
785
16. Schalttafeleinsatz	786
095 - 2.8 l - Motronic/150 kW, Motorkennbuchstaben AYL	787-805
1. 2.8 l - Motronic/150 kW, Motorkennbuchstaben AYL	787-788
2. Zündanlassschalter	789
3. Sicherungen im Sicherungshalter	790
4. Steuergerät für Motronic, Zündanlage	791
5. Steuergerät für Motronic, Zündanlage, Ventil für Registeransaugrohrumschaltung	792
6. Steuergerät für Motronic, Einspritzventile, Ventil für Registeransaugrohrumschaltung	793
7. Steuergerät für Motronic	794
8. Steuergerät für Motronic, Geber für Gaspedalstellung, Klopfsensoren	795
9. Steuergerät für Motronic, Hallgeber, Geber für Motordrehzahl	796
10. Steuergerät für Motronic, Luftmassenmesser, Lambdasonde nach Katalysator, Magnetventil für Aktivkohlebehälter-Anlage, Lambdasonde
797
11. Steuergerät für Motronic, Drosselklappenantrieb, Winkelgeber für Drosselklappenantrieb (elektrische Gasbetätigung)	798
12. Steuergerät für Motronic, Relais für Sekundärluftpumpe, Pumpe für Sekundärluftpumpe, Sekundärluftkombiventil, Kupplungspedalschalter, Bremspedalschalter für GRA, Bremslichtschalter
799
13. Schalttafeleinsatz, Geber für Kühlmitteltemperatur, Thermoschalter für Lüfternachlauf	800
14. Geber für Kühlmitteltemperatur, Pumpe für Kühlmittelnachlauf, Geber für Ölstand/-temperatur, Heizwiderstand (Kurbelgehäuseentlüftung)
801
15. Schalttafeleinsatz, Geschwindigkeitsmesser, Geber für Kühlmittelmangelanzeige	802
16. Schalttafeleinsatz, Kontrolllampe für GRA, Multifunktionsanzeige, Außentemperaturanzeige, Fehlerlampe für elektrische Gasbetätigung, Abgas-Warnleuchte
803
17. Kraftstoffpumpenrelais, Geber für Kraftstoffvorratsanzeige, Kraftstoffpumpe	804
18. Schalttafeleinsatz, Kontrolllampe für GRA, Multifunktionsanzeige, Außentemperaturanzeige, Fehlerlampe für elektrische Gasbetätigung, Abgas-Warnleuchte
805
096 - 1.9-l-Dieselmotor - ANU,AUY,BVK	806-819
1. 1.9-l-Dieselmotor - ANU,AUY,BVK	806
2. Anlasser, Drehstromgenerator	807
3. Zündanlassschalter	808
4. Relais für Spannungsversorgung für Kl. 30, Heizwiderstand für Kurbelgehäuseentlüftung	809
5. Pick-down-Schalter, Leerlauf-Schalter, Steuergerät für Dieseldirekteinspritzanlage	810
6. Steuergerät für Dieseldirekteinspritzanlage	811
